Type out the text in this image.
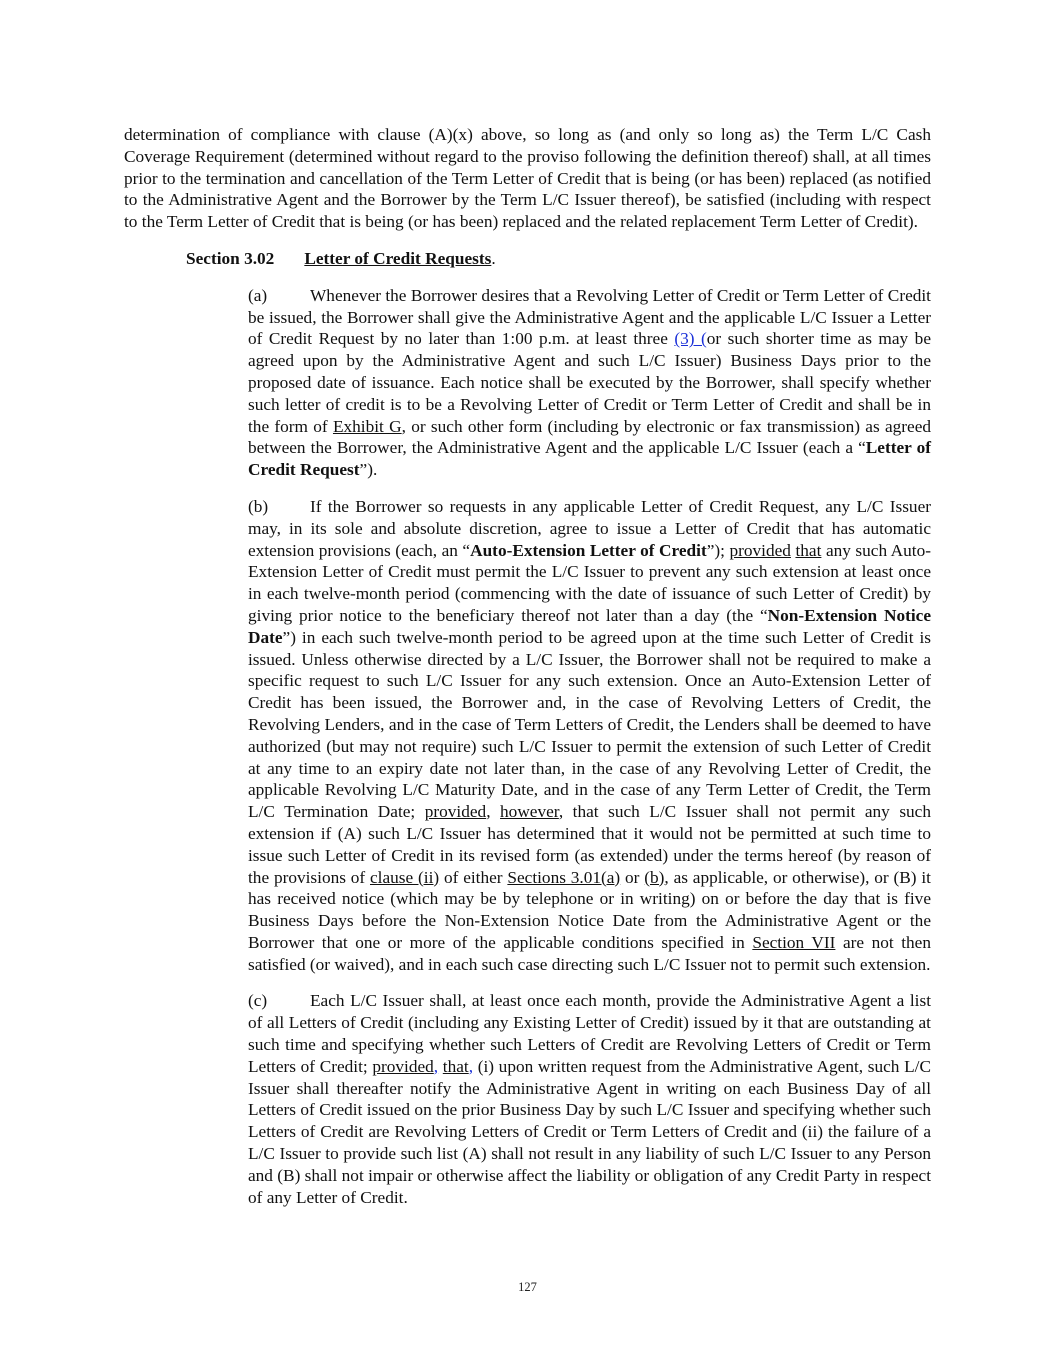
determination of compliance with clause (A)(x) above, so long as (and only so long as) the Term L/C Cash Coverage Requirement (determined without regard to the proviso following the definition thereof) shall, at all times prior to the termination and cancellation of the Term Letter of Credit that is being (or has been) replaced (as notified to the Administrative Agent and the Borrower by the Term L/C Issuer thereof), be satisfied (including with respect to the Term Letter of Credit that is being (or has been) replaced and the related replacement Term Letter of Credit).

Section 3.02 Letter of Credit Requests.

(a) Whenever the Borrower desires that a Revolving Letter of Credit or Term Letter of Credit be issued, the Borrower shall give the Administrative Agent and the applicable L/C Issuer a Letter of Credit Request by no later than 1:00 p.m. at least three (3) (or such shorter time as may be agreed upon by the Administrative Agent and such L/C Issuer) Business Days prior to the proposed date of issuance. Each notice shall be executed by the Borrower, shall specify whether such letter of credit is to be a Revolving Letter of Credit or Term Letter of Credit and shall be in the form of Exhibit G, or such other form (including by electronic or fax transmission) as agreed between the Borrower, the Administrative Agent and the applicable L/C Issuer (each a “Letter of Credit Request”).

(b) If the Borrower so requests in any applicable Letter of Credit Request, any L/C Issuer may, in its sole and absolute discretion, agree to issue a Letter of Credit that has automatic extension provisions (each, an “Auto-Extension Letter of Credit”); provided that any such Auto-Extension Letter of Credit must permit the L/C Issuer to prevent any such extension at least once in each twelve-month period (commencing with the date of issuance of such Letter of Credit) by giving prior notice to the beneficiary thereof not later than a day (the “Non-Extension Notice Date”) in each such twelve-month period to be agreed upon at the time such Letter of Credit is issued. Unless otherwise directed by a L/C Issuer, the Borrower shall not be required to make a specific request to such L/C Issuer for any such extension. Once an Auto-Extension Letter of Credit has been issued, the Borrower and, in the case of Revolving Letters of Credit, the Revolving Lenders, and in the case of Term Letters of Credit, the Lenders shall be deemed to have authorized (but may not require) such L/C Issuer to permit the extension of such Letter of Credit at any time to an expiry date not later than, in the case of any Revolving Letter of Credit, the applicable Revolving L/C Maturity Date, and in the case of any Term Letter of Credit, the Term L/C Termination Date; provided, however, that such L/C Issuer shall not permit any such extension if (A) such L/C Issuer has determined that it would not be permitted at such time to issue such Letter of Credit in its revised form (as extended) under the terms hereof (by reason of the provisions of clause (ii) of either Sections 3.01(a) or (b), as applicable, or otherwise), or (B) it has received notice (which may be by telephone or in writing) on or before the day that is five Business Days before the Non-Extension Notice Date from the Administrative Agent or the Borrower that one or more of the applicable conditions specified in Section VII are not then satisfied (or waived), and in each such case directing such L/C Issuer not to permit such extension.

(c) Each L/C Issuer shall, at least once each month, provide the Administrative Agent a list of all Letters of Credit (including any Existing Letter of Credit) issued by it that are outstanding at such time and specifying whether such Letters of Credit are Revolving Letters of Credit or Term Letters of Credit; provided, that, (i) upon written request from the Administrative Agent, such L/C Issuer shall thereafter notify the Administrative Agent in writing on each Business Day of all Letters of Credit issued on the prior Business Day by such L/C Issuer and specifying whether such Letters of Credit are Revolving Letters of Credit or Term Letters of Credit and (ii) the failure of a L/C Issuer to provide such list (A) shall not result in any liability of such L/C Issuer to any Person and (B) shall not impair or otherwise affect the liability or obligation of any Credit Party in respect of any Letter of Credit.

127
